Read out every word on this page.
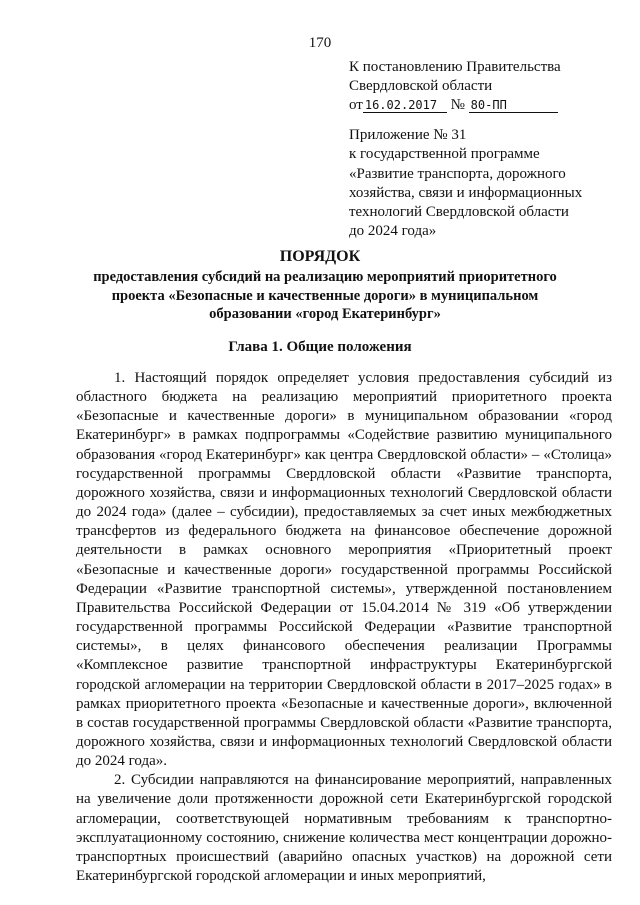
170
К постановлению Правительства
Свердловской области
от 16.02.2017 № 80-ПП
Приложение № 31
к государственной программе
«Развитие транспорта, дорожного
хозяйства, связи и информационных
технологий Свердловской области
до 2024 года»
ПОРЯДОК
предоставления субсидий на реализацию мероприятий приоритетного проекта «Безопасные и качественные дороги» в муниципальном образовании «город Екатеринбург»
Глава 1. Общие положения

1. Настоящий порядок определяет условия предоставления субсидий из областного бюджета на реализацию мероприятий приоритетного проекта «Безопасные и качественные дороги» в муниципальном образовании «город Екатеринбург» в рамках подпрограммы «Содействие развитию муниципального образования «город Екатеринбург» как центра Свердловской области» – «Столица» государственной программы Свердловской области «Развитие транспорта, дорожного хозяйства, связи и информационных технологий Свердловской области до 2024 года» (далее – субсидии), предоставляемых за счет иных межбюджетных трансфертов из федерального бюджета на финансовое обеспечение дорожной деятельности в рамках основного мероприятия «Приоритетный проект «Безопасные и качественные дороги» государственной программы Российской Федерации «Развитие транспортной системы», утвержденной постановлением Правительства Российской Федерации от 15.04.2014 № 319 «Об утверждении государственной программы Российской Федерации «Развитие транспортной системы», в целях финансового обеспечения реализации Программы «Комплексное развитие транспортной инфраструктуры Екатеринбургской городской агломерации на территории Свердловской области в 2017–2025 годах» в рамках приоритетного проекта «Безопасные и качественные дороги», включенной в состав государственной программы Свердловской области «Развитие транспорта, дорожного хозяйства, связи и информационных технологий Свердловской области до 2024 года».

2. Субсидии направляются на финансирование мероприятий, направленных на увеличение доли протяженности дорожной сети Екатеринбургской городской агломерации, соответствующей нормативным требованиям к транспортно-эксплуатационному состоянию, снижение количества мест концентрации дорожно-транспортных происшествий (аварийно опасных участков) на дорожной сети Екатеринбургской городской агломерации и иных мероприятий,
